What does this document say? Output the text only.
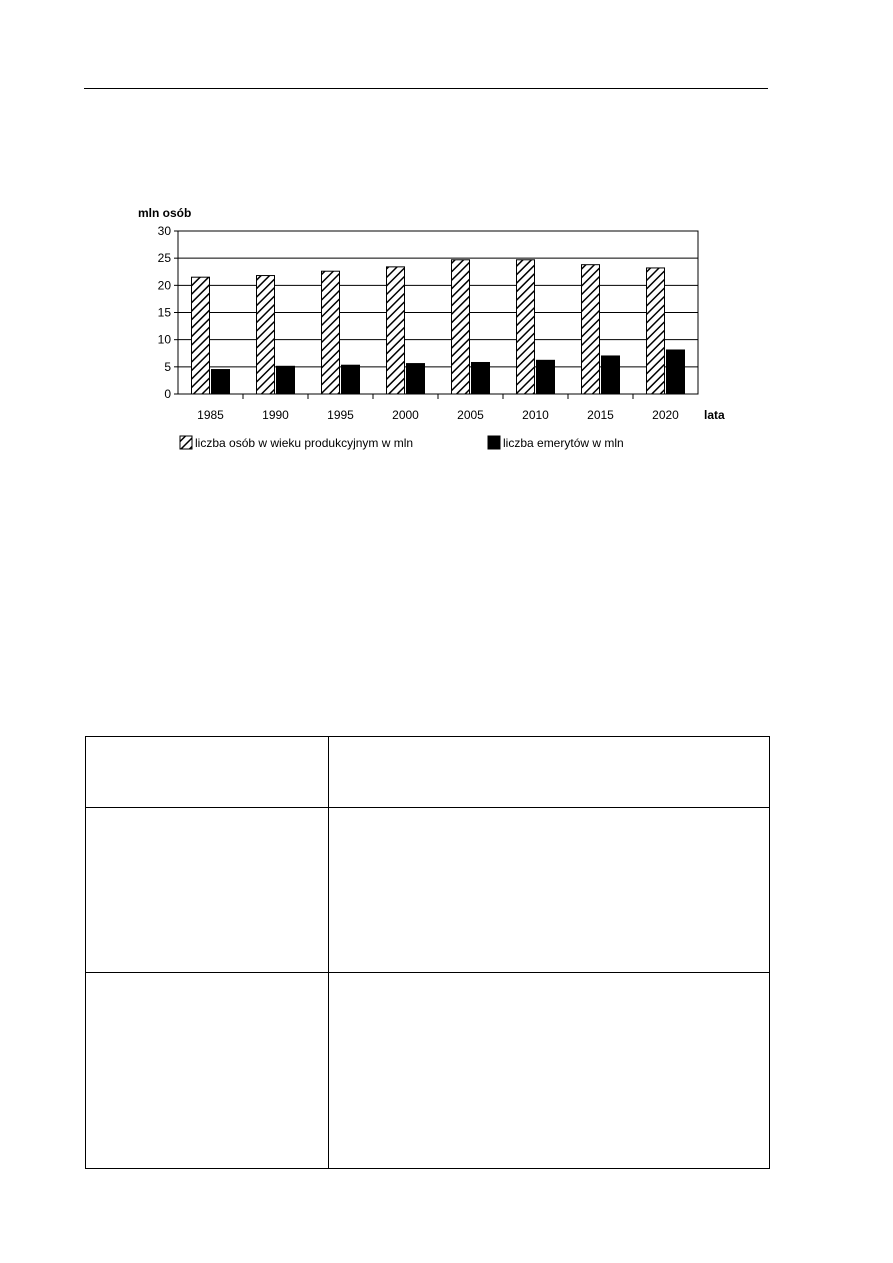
0
5
10
15
20
25
30
mln osób
1985	1990	1995	2000	2005	2010	2015	2020 lata
liczba osób w wieku produkcyjnym w mln	liczba emerytów w mln
